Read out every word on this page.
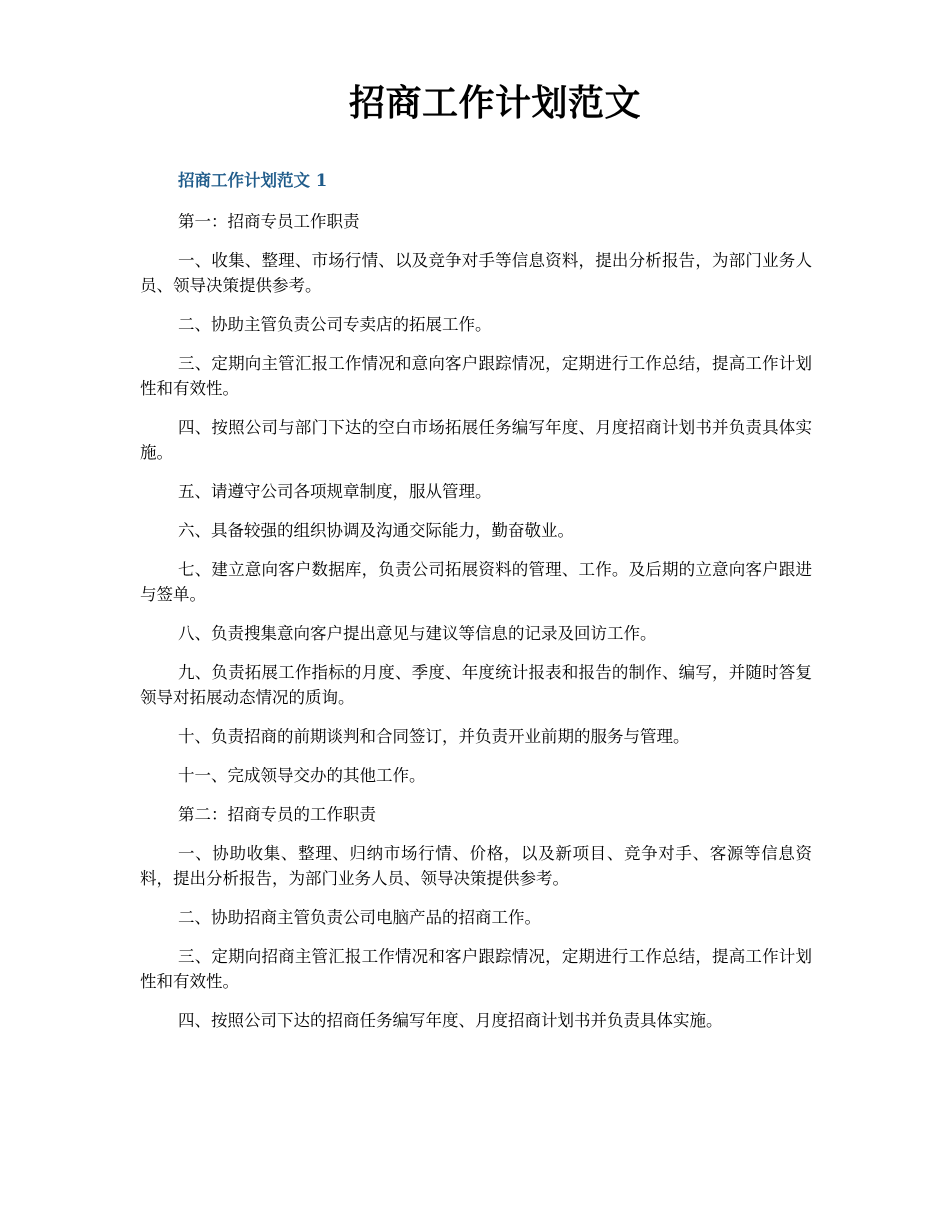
招商工作计划范文

招商工作计划范文 1

第一：招商专员工作职责

一、收集、整理、市场行情、以及竞争对手等信息资料，提出分析报告，为部门业务人员、领导决策提供参考。

二、协助主管负责公司专卖店的拓展工作。

三、定期向主管汇报工作情况和意向客户跟踪情况，定期进行工作总结，提高工作计划性和有效性。

四、按照公司与部门下达的空白市场拓展任务编写年度、月度招商计划书并负责具体实施。

五、请遵守公司各项规章制度，服从管理。

六、具备较强的组织协调及沟通交际能力，勤奋敬业。

七、建立意向客户数据库，负责公司拓展资料的管理、工作。及后期的立意向客户跟进与签单。

八、负责搜集意向客户提出意见与建议等信息的记录及回访工作。

九、负责拓展工作指标的月度、季度、年度统计报表和报告的制作、编写，并随时答复领导对拓展动态情况的质询。

十、负责招商的前期谈判和合同签订，并负责开业前期的服务与管理。

十一、完成领导交办的其他工作。

第二：招商专员的工作职责

一、协助收集、整理、归纳市场行情、价格，以及新项目、竞争对手、客源等信息资料，提出分析报告，为部门业务人员、领导决策提供参考。

二、协助招商主管负责公司电脑产品的招商工作。

三、定期向招商主管汇报工作情况和客户跟踪情况，定期进行工作总结，提高工作计划性和有效性。

四、按照公司下达的招商任务编写年度、月度招商计划书并负责具体实施。
